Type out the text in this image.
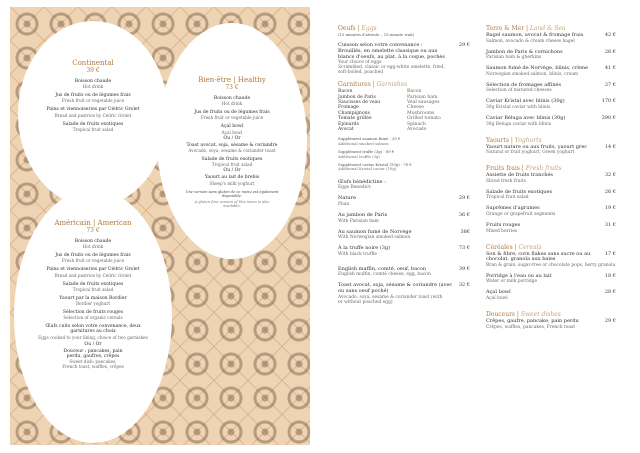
Continental
39 €
Boisson chaude
Hot drink
Jus de fruits ou de légumes frais
Fresh fruit or vegetable juice
Pains et viennoiseries par Cédric Grolet
Bread and pastries by Cédric Grolet
Salade de fruits exotiques
Tropical fruit salad
Bien-être | Healthy
73 €
Boisson chaude
Hot drink
Jus de fruits ou de légumes frais
Fresh fruit or vegetable juice
Açaï bowl
Açaï bowl
Ou / Or
Toast avocat, soja, sésame & coriandre
Avocado, soya, sesame & coriander toast
Salade de fruits exotiques
Tropical fruit salad
Ou / Or
Yaourt au lait de brebis
Sheep's milk yoghurt
Une version sans gluten de ce menu est également disponible.
A gluten-free version of this menu is also available.
Américain | American
73 €
Boisson chaude
Hot drink
Jus de fruits ou de légumes frais
Fresh fruit or vegetable juice
Pains et viennoiseries par Cédric Grolet
Bread and pastries by Cédric Grolet
Salade de fruits exotiques
Tropical fruit salad
Yaourt par la maison Bordier
Bordier yoghurt
Sélection de fruits rouges
Selection of organic cereals
Œufs cuits selon votre convenance, deux garnitures au choix
Eggs cooked to your liking, choice of two garnishes
Ou / Or
Douceur : pancakes, pain perdu, gaufres, crêpes
Sweet dish: pancakes, French toast, waffles, crêpes
Oeufs | Eggs
(15 minutes d'attente – 15-minute wait)
Cuisson selon votre convenance :	29 €
Brouillés, en omelette classique ou aux blancs d'oeufs, au plat, à la coque, pochés
Your choice of eggs
Scrambled, classic or egg-white omelette, fried, soft-boiled, poached
Garnitures | Garnishes
Bacon	Bacon
Jambon de Paris	Parisian ham
Saucisses de veau	Veal sausages
Fromage	Cheese
Champignons	Mushrooms
Tomate grillée	Grilled tomato
Epinards	Spinach
Avocat	Avocado
Supplément saumon fumé : 20 €
Additional smoked salmon
Supplément truffe (3g) : 69 €
Additional truffle (3g)
Supplément caviar Kristal (10g) : 70 €
Additional Kristal caviar (10g)
Œufs bénédictine :
Eggs Benedict:
Nature	29 €
Plain
Au jambon de Paris	36 €
With Parisian ham
Au saumon fumé de Norvège	38€
With Norwegian smoked salmon
À la truffe noire (3g)	73 €
With black truffle
English muffin, comté, oeuf, bacon	39 €
English muffin, comté cheese, egg, bacon
Toast avocat, soja, sésame & coriandre (avec ou sans oeuf poché)
32 €
Avocado, soya, sesame & coriander toast (with or without poached egg)
Terre & Mer | Land & Sea
Bagel saumon, avocat & fromage frais	42 €
Salmon, avocado & cream cheese bagel
Jambon de Paris & cornichons	26 €
Parisian ham & gherkins
Saumon fumé de Norvège, blinis, crème	41 €
Norwegian smoked salmon, blinis, cream
Sélection de fromages affinés	27 €
Selection of matured cheeses
Caviar Kristal avec blinis (30g)	170 €
30g Kristal caviar with blinis
Caviar Béluga avec blinis (30g)	390 €
30g Beluga caviar with blinis
Yaourts | Yoghurts
Yaourt nature ou aux fruits, yaourt grec	14 €
Natural or fruit yoghurt, Greek yoghurt
Fruits frais | Fresh fruits
Assiette de fruits tranchés	32 €
Sliced fresh fruits
Salade de fruits exotiques	26 €
Tropical fruit salad
Suprêmes d'agrumes	19 €
Orange or grapefruit segments
Fruits rouges	31 €
Mixed berries
Céréales | Cereals
Son & fibre, corn flakes sans sucre ou au chocolat, granola aux baies
17 €
Bran & grain, sugar-free or chocolate pops, berry granola
Porridge à l'eau ou au lait	18 €
Water or milk porridge
Açaï bowl	28 €
Açaï bowl
Douceurs | Sweet dishes
Crêpes, gaufre, pancake, pain perdu	29 €
Crêpes, waffles, pancakes, French toast
